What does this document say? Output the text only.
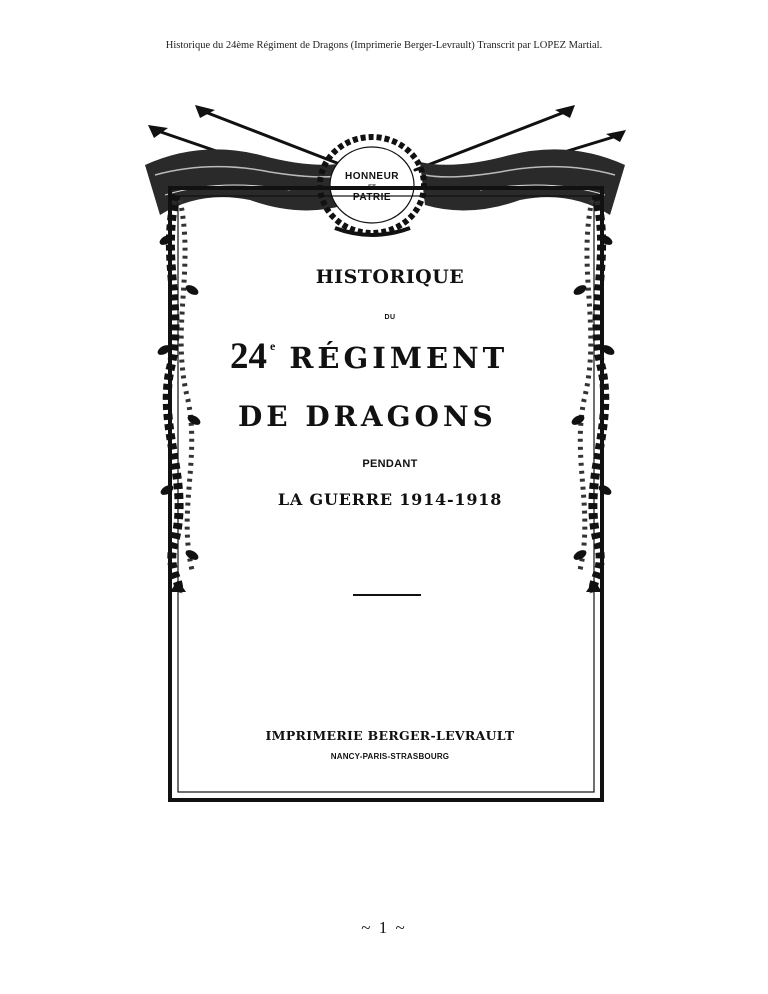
Historique du 24ème Régiment de Dragons (Imprimerie Berger-Levrault) Transcrit par LOPEZ Martial.
HONNEUR
ET
PATRIE
HISTORIQUE
DU
24 $^e$ RÉGIMENT
DE DRAGONS
PENDANT
LA GUERRE 1914-1918
IMPRIMERIE BERGER-LEVRAULT
NANCY-PARIS-STRASBOURG
~ 1 ~
